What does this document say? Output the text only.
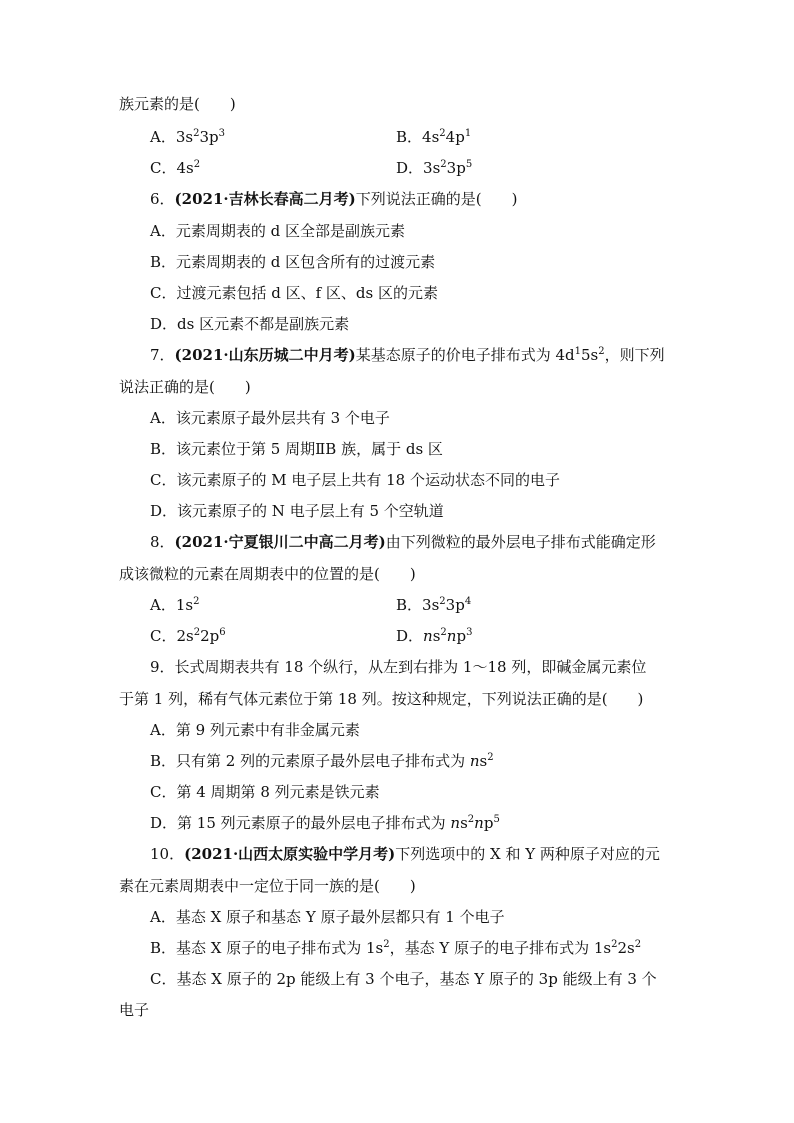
族元素的是(　　)
A．$3s^23p^3$	B．$4s^24p^1$
C．$4s^2$	D．$3s^23p^5$
6．(2021·吉林长春高二月考)下列说法正确的是(　　)
A．元素周期表的 d 区全部是副族元素
B．元素周期表的 d 区包含所有的过渡元素
C．过渡元素包括 d 区、f 区、ds 区的元素
D．ds 区元素不都是副族元素
7．(2021·山东历城二中月考)某基态原子的价电子排布式为 $4d^15s^2$，则下列
说法正确的是(　　)
A．该元素原子最外层共有 3 个电子
B．该元素位于第 5 周期ⅡB 族，属于 ds 区
C．该元素原子的 M 电子层上共有 18 个运动状态不同的电子
D．该元素原子的 N 电子层上有 5 个空轨道
8．(2021·宁夏银川二中高二月考)由下列微粒的最外层电子排布式能确定形
成该微粒的元素在周期表中的位置的是(　　)
A．$1s^2$	B．$3s^23p^4$
C．$2s^22p^6$	D．$ns^2np^3$
9．长式周期表共有 18 个纵行，从左到右排为 1～18 列，即碱金属元素位
于第 1 列，稀有气体元素位于第 18 列。按这种规定，下列说法正确的是(　　)
A．第 9 列元素中有非金属元素
B．只有第 2 列的元素原子最外层电子排布式为 $ns^2$
C．第 4 周期第 8 列元素是铁元素
D．第 15 列元素原子的最外层电子排布式为 $ns^2np^5$
10．(2021·山西太原实验中学月考)下列选项中的 X 和 Y 两种原子对应的元
素在元素周期表中一定位于同一族的是(　　)
A．基态 X 原子和基态 Y 原子最外层都只有 1 个电子
B．基态 X 原子的电子排布式为 $1s^2$，基态 Y 原子的电子排布式为 $1s^22s^2$
C．基态 X 原子的 2p 能级上有 3 个电子，基态 Y 原子的 3p 能级上有 3 个
电子
